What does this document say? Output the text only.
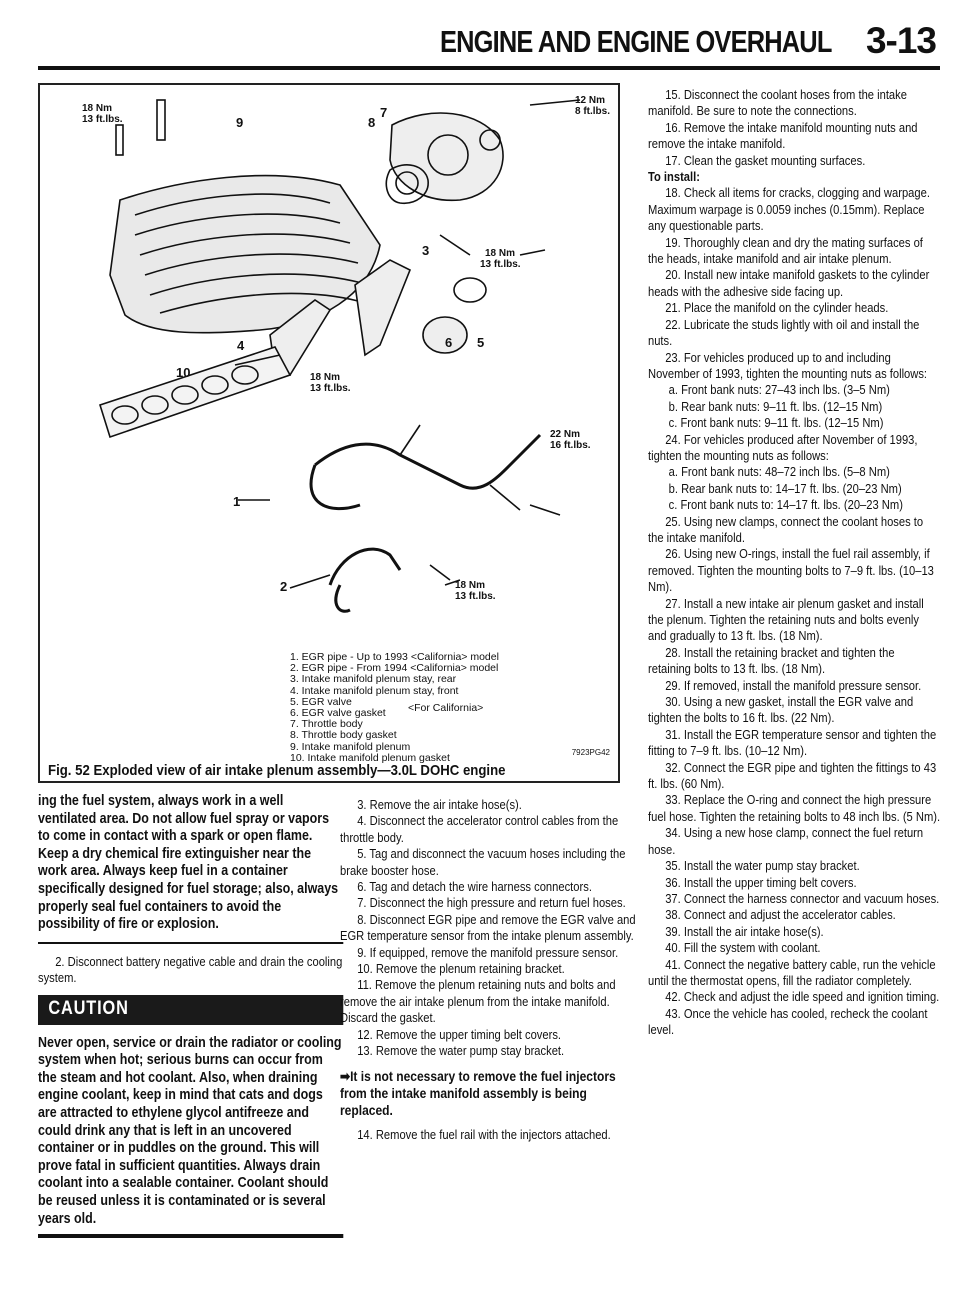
ENGINE AND ENGINE OVERHAUL 3-13
1
2
3
4	5
6
7
8
9
10
18 Nm
13 ft.lbs.
12 Nm
8 ft.lbs.
18 Nm
13 ft.lbs.
18 Nm
13 ft.lbs.
22 Nm
16 ft.lbs.
18 Nm
13 ft.lbs.
1. EGR pipe - Up to 1993 <California> model
2. EGR pipe - From 1994 <California> model
3. Intake manifold plenum stay, rear
4. Intake manifold plenum stay, front
5. EGR valve
6. EGR valve gasket	<For California>
7. Throttle body
8. Throttle body gasket
9. Intake manifold plenum
10. Intake manifold plenum gasket	7923PG42
Fig. 52 Exploded view of air intake plenum assembly—3.0L DOHC engine
ing the fuel system, always work in a well ventilated area. Do not allow fuel spray or vapors to come in contact with a spark or open flame. Keep a dry chemical fire extinguisher near the work area. Always keep fuel in a container specifically designed for fuel storage; also, always properly seal fuel containers to avoid the possibility of fire or explosion.
2. Disconnect battery negative cable and drain the cooling system.
CAUTION
Never open, service or drain the radiator or cooling system when hot; serious burns can occur from the steam and hot coolant. Also, when draining engine coolant, keep in mind that cats and dogs are attracted to ethylene glycol antifreeze and could drink any that is left in an uncovered container or in puddles on the ground. This will prove fatal in sufficient quantities. Always drain coolant into a sealable container. Coolant should be reused unless it is contaminated or is several years old.
3. Remove the air intake hose(s).
4. Disconnect the accelerator control cables from the throttle body.
5. Tag and disconnect the vacuum hoses including the brake booster hose.
6. Tag and detach the wire harness connectors.
7. Disconnect the high pressure and return fuel hoses.
8. Disconnect EGR pipe and remove the EGR valve and EGR temperature sensor from the intake plenum assembly.
9. If equipped, remove the manifold pressure sensor.
10. Remove the plenum retaining bracket.
11. Remove the plenum retaining nuts and bolts and remove the air intake plenum from the intake manifold. Discard the gasket.
12. Remove the upper timing belt covers.
13. Remove the water pump stay bracket.
➡It is not necessary to remove the fuel injectors from the intake manifold assembly is being replaced.
14. Remove the fuel rail with the injectors attached.
15. Disconnect the coolant hoses from the intake manifold. Be sure to note the connections.
16. Remove the intake manifold mounting nuts and remove the intake manifold.
17. Clean the gasket mounting surfaces.
To install:
18. Check all items for cracks, clogging and warpage. Maximum warpage is 0.0059 inches (0.15mm). Replace any questionable parts.
19. Thoroughly clean and dry the mating surfaces of the heads, intake manifold and air intake plenum.
20. Install new intake manifold gaskets to the cylinder heads with the adhesive side facing up.
21. Place the manifold on the cylinder heads.
22. Lubricate the studs lightly with oil and install the nuts.
23. For vehicles produced up to and including November of 1993, tighten the mounting nuts as follows:
a. Front bank nuts: 27–43 inch lbs. (3–5 Nm)
b. Rear bank nuts: 9–11 ft. lbs. (12–15 Nm)
c. Front bank nuts: 9–11 ft. lbs. (12–15 Nm)
24. For vehicles produced after November of 1993, tighten the mounting nuts as follows:
a. Front bank nuts: 48–72 inch lbs. (5–8 Nm)
b. Rear bank nuts to: 14–17 ft. lbs. (20–23 Nm)
c. Front bank nuts to: 14–17 ft. lbs. (20–23 Nm)
25. Using new clamps, connect the coolant hoses to the intake manifold.
26. Using new O-rings, install the fuel rail assembly, if removed. Tighten the mounting bolts to 7–9 ft. lbs. (10–13 Nm).
27. Install a new intake air plenum gasket and install the plenum. Tighten the retaining nuts and bolts evenly and gradually to 13 ft. lbs. (18 Nm).
28. Install the retaining bracket and tighten the retaining bolts to 13 ft. lbs. (18 Nm).
29. If removed, install the manifold pressure sensor.
30. Using a new gasket, install the EGR valve and tighten the bolts to 16 ft. lbs. (22 Nm).
31. Install the EGR temperature sensor and tighten the fitting to 7–9 ft. lbs. (10–12 Nm).
32. Connect the EGR pipe and tighten the fittings to 43 ft. lbs. (60 Nm).
33. Replace the O-ring and connect the high pressure fuel hose. Tighten the retaining bolts to 48 inch lbs. (5 Nm).
34. Using a new hose clamp, connect the fuel return hose.
35. Install the water pump stay bracket.
36. Install the upper timing belt covers.
37. Connect the harness connector and vacuum hoses.
38. Connect and adjust the accelerator cables.
39. Install the air intake hose(s).
40. Fill the system with coolant.
41. Connect the negative battery cable, run the vehicle until the thermostat opens, fill the radiator completely.
42. Check and adjust the idle speed and ignition timing.
43. Once the vehicle has cooled, recheck the coolant level.
